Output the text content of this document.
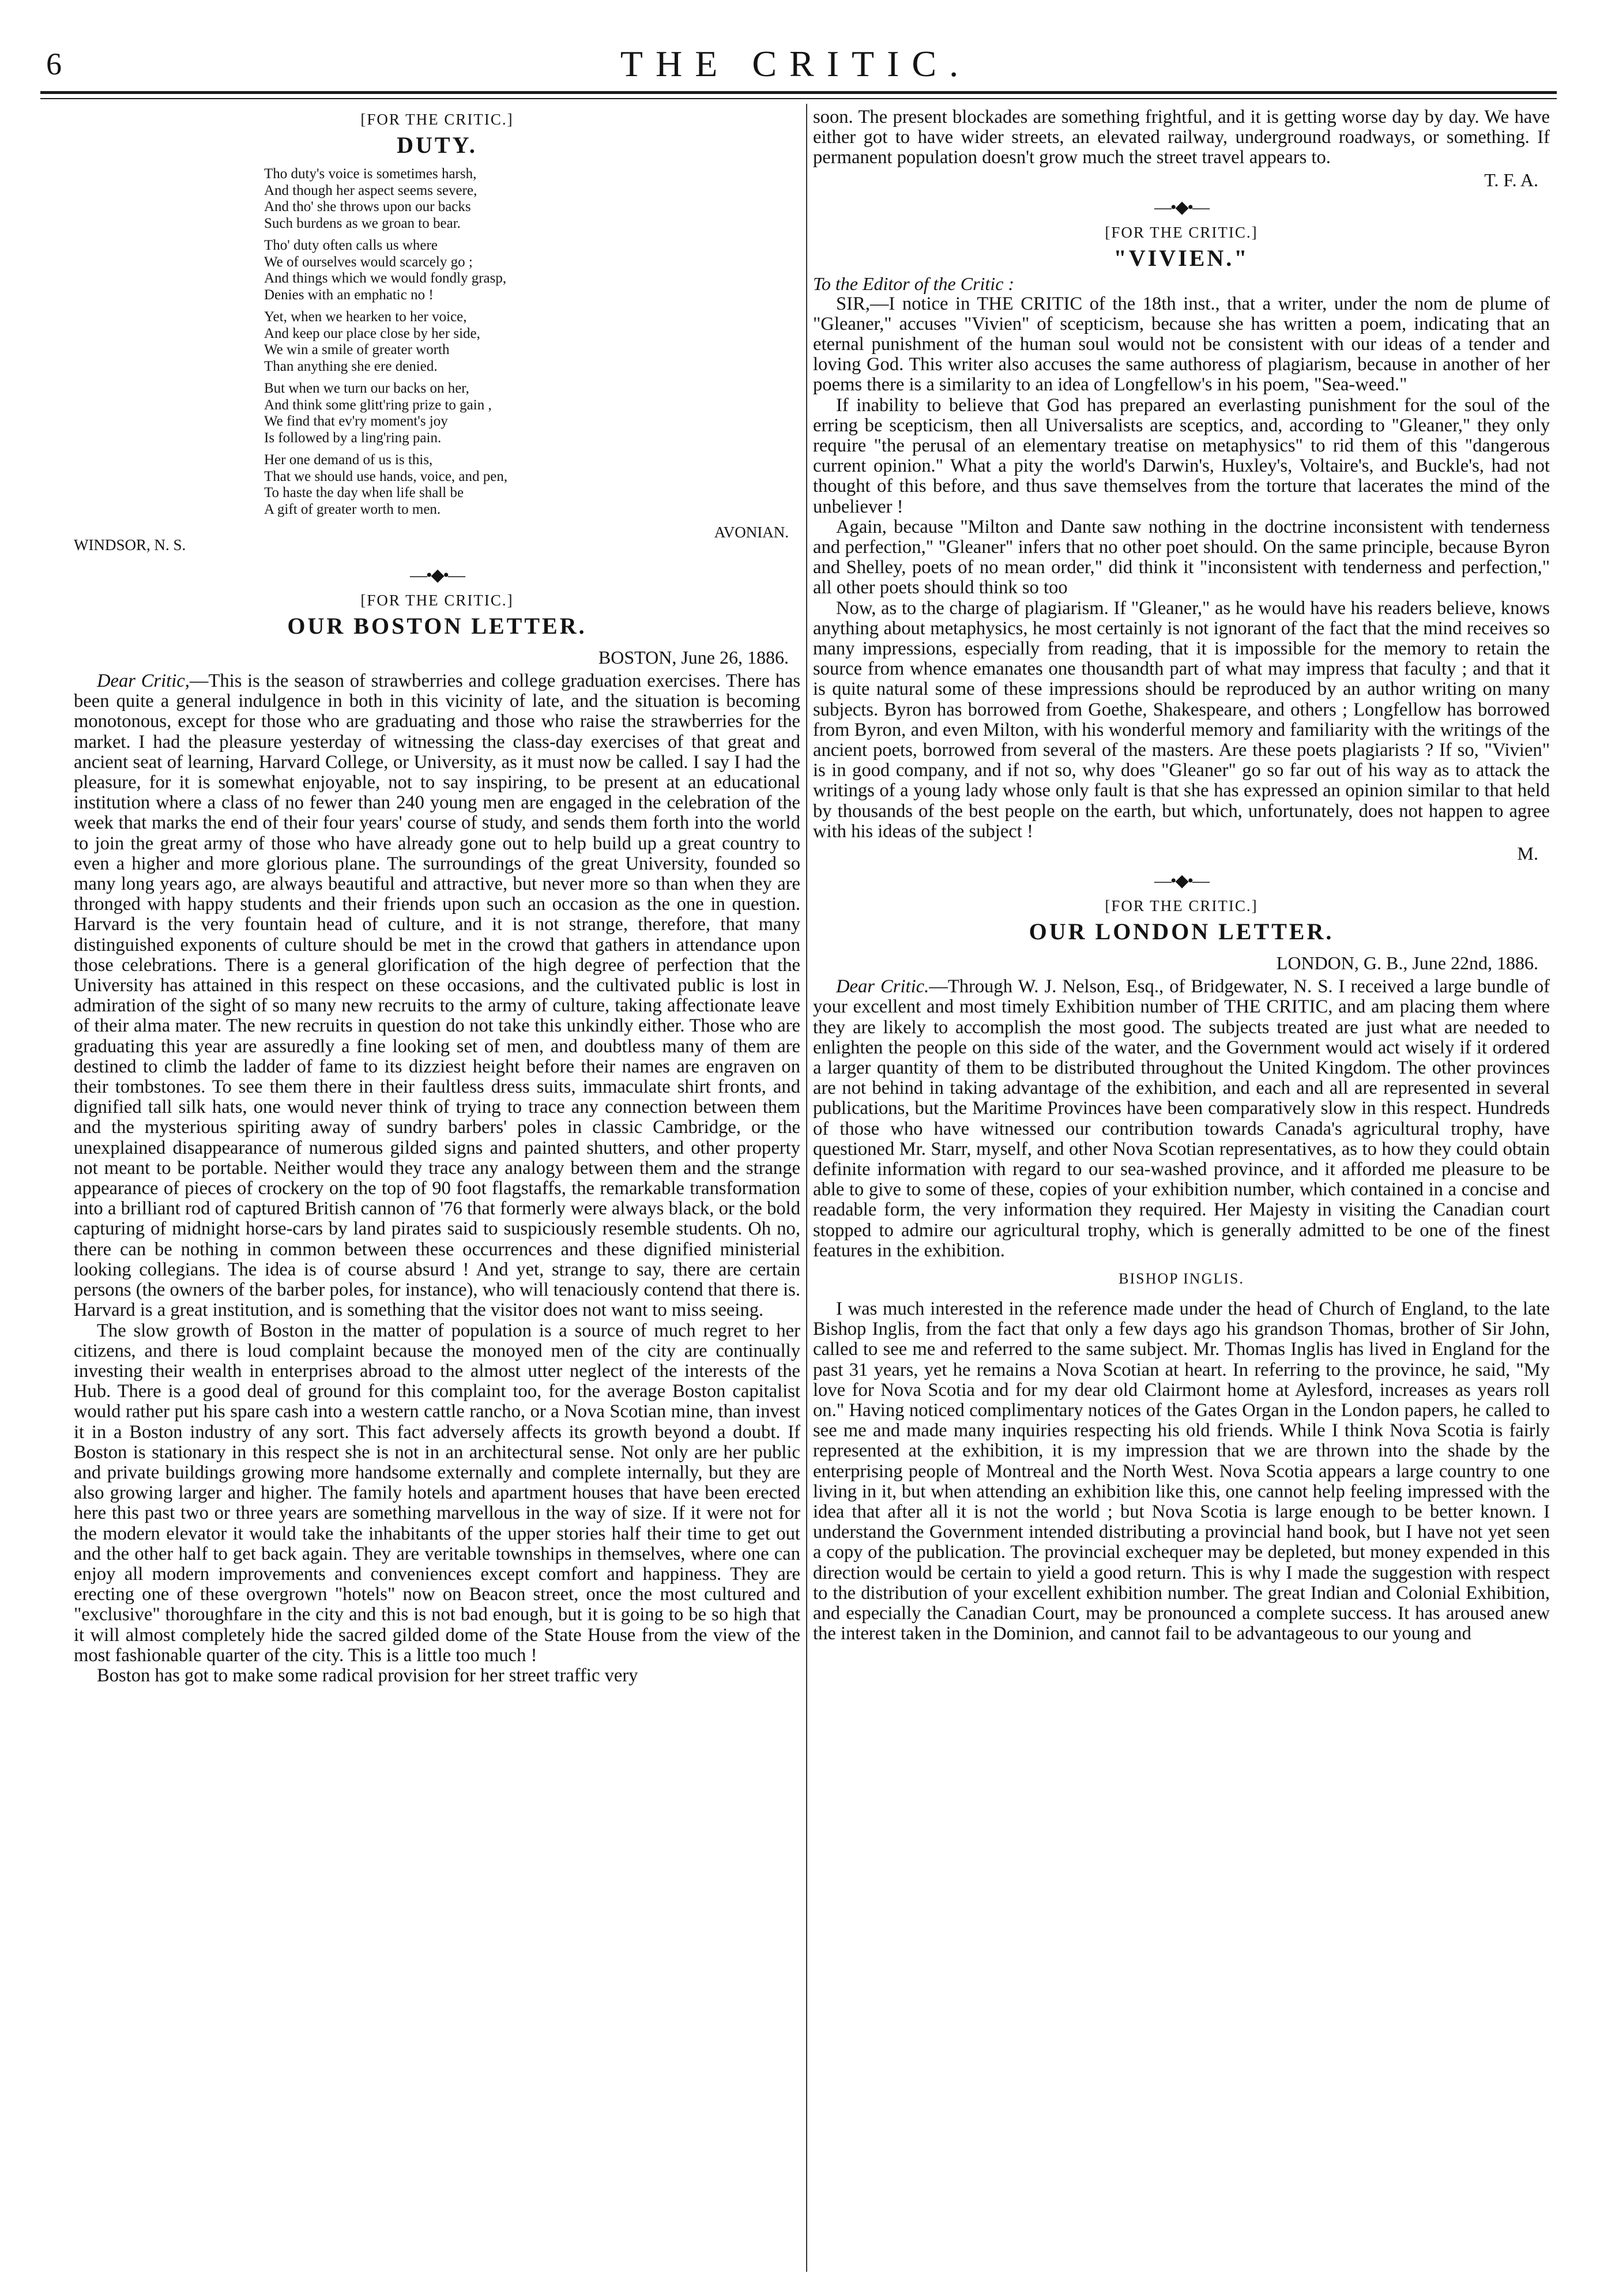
6	THE CRITIC.

[FOR THE CRITIC.]

DUTY.
Tho duty's voice is sometimes harsh,
And though her aspect seems severe,
And tho' she throws upon our backs
Such burdens as we groan to bear.
Tho' duty often calls us where
We of ourselves would scarcely go ;
And things which we would fondly grasp,
Denies with an emphatic no !
Yet, when we hearken to her voice,
And keep our place close by her side,
We win a smile of greater worth
Than anything she ere denied.
But when we turn our backs on her,
And think some glitt'ring prize to gain ,
We find that ev'ry moment's joy
Is followed by a ling'ring pain.
Her one demand of us is this,
That we should use hands, voice, and pen,
To haste the day when life shall be
A gift of greater worth to men.
WINDSOR, N. S.
AVONIAN.
—•◆•—

[FOR THE CRITIC.]

OUR BOSTON LETTER.
BOSTON, June 26, 1886.

Dear Critic,—This is the season of strawberries and college graduation exercises. There has been quite a general indulgence in both in this vicinity of late, and the situation is becoming monotonous, except for those who are graduating and those who raise the strawberries for the market. I had the pleasure yesterday of witnessing the class-day exercises of that great and ancient seat of learning, Harvard College, or University, as it must now be called. I say I had the pleasure, for it is somewhat enjoyable, not to say inspiring, to be present at an educational institution where a class of no fewer than 240 young men are engaged in the celebration of the week that marks the end of their four years' course of study, and sends them forth into the world to join the great army of those who have already gone out to help build up a great country to even a higher and more glorious plane. The surroundings of the great University, founded so many long years ago, are always beautiful and attractive, but never more so than when they are thronged with happy students and their friends upon such an occasion as the one in question. Harvard is the very fountain head of culture, and it is not strange, therefore, that many distinguished exponents of culture should be met in the crowd that gathers in attendance upon those celebrations. There is a general glorification of the high degree of perfection that the University has attained in this respect on these occasions, and the cultivated public is lost in admiration of the sight of so many new recruits to the army of culture, taking affectionate leave of their alma mater. The new recruits in question do not take this unkindly either. Those who are graduating this year are assuredly a fine looking set of men, and doubtless many of them are destined to climb the ladder of fame to its dizziest height before their names are engraven on their tombstones. To see them there in their faultless dress suits, immaculate shirt fronts, and dignified tall silk hats, one would never think of trying to trace any connection between them and the mysterious spiriting away of sundry barbers' poles in classic Cambridge, or the unexplained disappearance of numerous gilded signs and painted shutters, and other property not meant to be portable. Neither would they trace any analogy between them and the strange appearance of pieces of crockery on the top of 90 foot flagstaffs, the remarkable transformation into a brilliant rod of captured British cannon of '76 that formerly were always black, or the bold capturing of midnight horse-cars by land pirates said to suspiciously resemble students. Oh no, there can be nothing in common between these occurrences and these dignified ministerial looking collegians. The idea is of course absurd ! And yet, strange to say, there are certain persons (the owners of the barber poles, for instance), who will tenaciously contend that there is. Harvard is a great institution, and is something that the visitor does not want to miss seeing.

The slow growth of Boston in the matter of population is a source of much regret to her citizens, and there is loud complaint because the monoyed men of the city are continually investing their wealth in enterprises abroad to the almost utter neglect of the interests of the Hub. There is a good deal of ground for this complaint too, for the average Boston capitalist would rather put his spare cash into a western cattle rancho, or a Nova Scotian mine, than invest it in a Boston industry of any sort. This fact adversely affects its growth beyond a doubt. If Boston is stationary in this respect she is not in an architectural sense. Not only are her public and private buildings growing more handsome externally and complete internally, but they are also growing larger and higher. The family hotels and apartment houses that have been erected here this past two or three years are something marvellous in the way of size. If it were not for the modern elevator it would take the inhabitants of the upper stories half their time to get out and the other half to get back again. They are veritable townships in themselves, where one can enjoy all modern improvements and conveniences except comfort and happiness. They are erecting one of these overgrown "hotels" now on Beacon street, once the most cultured and "exclusive" thoroughfare in the city and this is not bad enough, but it is going to be so high that it will almost completely hide the sacred gilded dome of the State House from the view of the most fashionable quarter of the city. This is a little too much !

Boston has got to make some radical provision for her street traffic very

soon. The present blockades are something frightful, and it is getting worse day by day. We have either got to have wider streets, an elevated railway, underground roadways, or something. If permanent population doesn't grow much the street travel appears to.

T. F. A.
—•◆•—

[FOR THE CRITIC.]

"VIVIEN."

To the Editor of the Critic :

SIR,—I notice in THE CRITIC of the 18th inst., that a writer, under the nom de plume of "Gleaner," accuses "Vivien" of scepticism, because she has written a poem, indicating that an eternal punishment of the human soul would not be consistent with our ideas of a tender and loving God. This writer also accuses the same authoress of plagiarism, because in another of her poems there is a similarity to an idea of Longfellow's in his poem, "Sea-weed."

If inability to believe that God has prepared an everlasting punishment for the soul of the erring be scepticism, then all Universalists are sceptics, and, according to "Gleaner," they only require "the perusal of an elementary treatise on metaphysics" to rid them of this "dangerous current opinion." What a pity the world's Darwin's, Huxley's, Voltaire's, and Buckle's, had not thought of this before, and thus save themselves from the torture that lacerates the mind of the unbeliever !

Again, because "Milton and Dante saw nothing in the doctrine inconsistent with tenderness and perfection," "Gleaner" infers that no other poet should. On the same principle, because Byron and Shelley, poets of no mean order," did think it "inconsistent with tenderness and perfection," all other poets should think so too

Now, as to the charge of plagiarism. If "Gleaner," as he would have his readers believe, knows anything about metaphysics, he most certainly is not ignorant of the fact that the mind receives so many impressions, especially from reading, that it is impossible for the memory to retain the source from whence emanates one thousandth part of what may impress that faculty ; and that it is quite natural some of these impressions should be reproduced by an author writing on many subjects. Byron has borrowed from Goethe, Shakespeare, and others ; Longfellow has borrowed from Byron, and even Milton, with his wonderful memory and familiarity with the writings of the ancient poets, borrowed from several of the masters. Are these poets plagiarists ? If so, "Vivien" is in good company, and if not so, why does "Gleaner" go so far out of his way as to attack the writings of a young lady whose only fault is that she has expressed an opinion similar to that held by thousands of the best people on the earth, but which, unfortunately, does not happen to agree with his ideas of the subject !

M.
—•◆•—

[FOR THE CRITIC.]

OUR LONDON LETTER.
LONDON, G. B., June 22nd, 1886.

Dear Critic.—Through W. J. Nelson, Esq., of Bridgewater, N. S. I received a large bundle of your excellent and most timely Exhibition number of THE CRITIC, and am placing them where they are likely to accomplish the most good. The subjects treated are just what are needed to enlighten the people on this side of the water, and the Government would act wisely if it ordered a larger quantity of them to be distributed throughout the United Kingdom. The other provinces are not behind in taking advantage of the exhibition, and each and all are represented in several publications, but the Maritime Provinces have been comparatively slow in this respect. Hundreds of those who have witnessed our contribution towards Canada's agricultural trophy, have questioned Mr. Starr, myself, and other Nova Scotian representatives, as to how they could obtain definite information with regard to our sea-washed province, and it afforded me pleasure to be able to give to some of these, copies of your exhibition number, which contained in a concise and readable form, the very information they required. Her Majesty in visiting the Canadian court stopped to admire our agricultural trophy, which is generally admitted to be one of the finest features in the exhibition.

BISHOP INGLIS.

I was much interested in the reference made under the head of Church of England, to the late Bishop Inglis, from the fact that only a few days ago his grandson Thomas, brother of Sir John, called to see me and referred to the same subject. Mr. Thomas Inglis has lived in England for the past 31 years, yet he remains a Nova Scotian at heart. In referring to the province, he said, "My love for Nova Scotia and for my dear old Clairmont home at Aylesford, increases as years roll on." Having noticed complimentary notices of the Gates Organ in the London papers, he called to see me and made many inquiries respecting his old friends. While I think Nova Scotia is fairly represented at the exhibition, it is my impression that we are thrown into the shade by the enterprising people of Montreal and the North West. Nova Scotia appears a large country to one living in it, but when attending an exhibition like this, one cannot help feeling impressed with the idea that after all it is not the world ; but Nova Scotia is large enough to be better known. I understand the Government intended distributing a provincial hand book, but I have not yet seen a copy of the publication. The provincial exchequer may be depleted, but money expended in this direction would be certain to yield a good return. This is why I made the suggestion with respect to the distribution of your excellent exhibition number. The great Indian and Colonial Exhibition, and especially the Canadian Court, may be pronounced a complete success. It has aroused anew the interest taken in the Dominion, and cannot fail to be advantageous to our young and
